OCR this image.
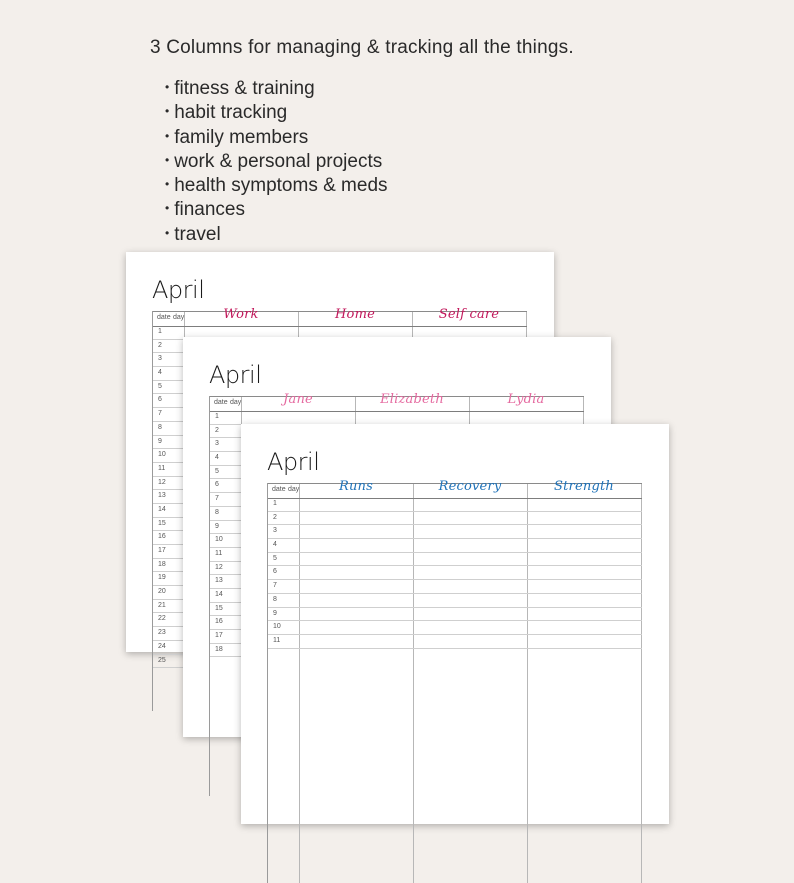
3 Columns for managing & tracking all the things.
• fitness & training
• habit tracking
• family members
• work & personal projects
• health symptoms & meds
• finances
• travel
April
date day	Work	Home	Self care
1
2
3
4
5
6
7
8
9
10
11
12
13
14
15
16
17
18
19
20
21
22
23
24
25
April
date day	Jane	Elizabeth	Lydia
1
2
3
4
5
6
7
8
9
10
11
12
13
14
15
16
17
18
April
date day	Runs	Recovery	Strength
1
2
3
4
5
6
7
8
9
10
11
